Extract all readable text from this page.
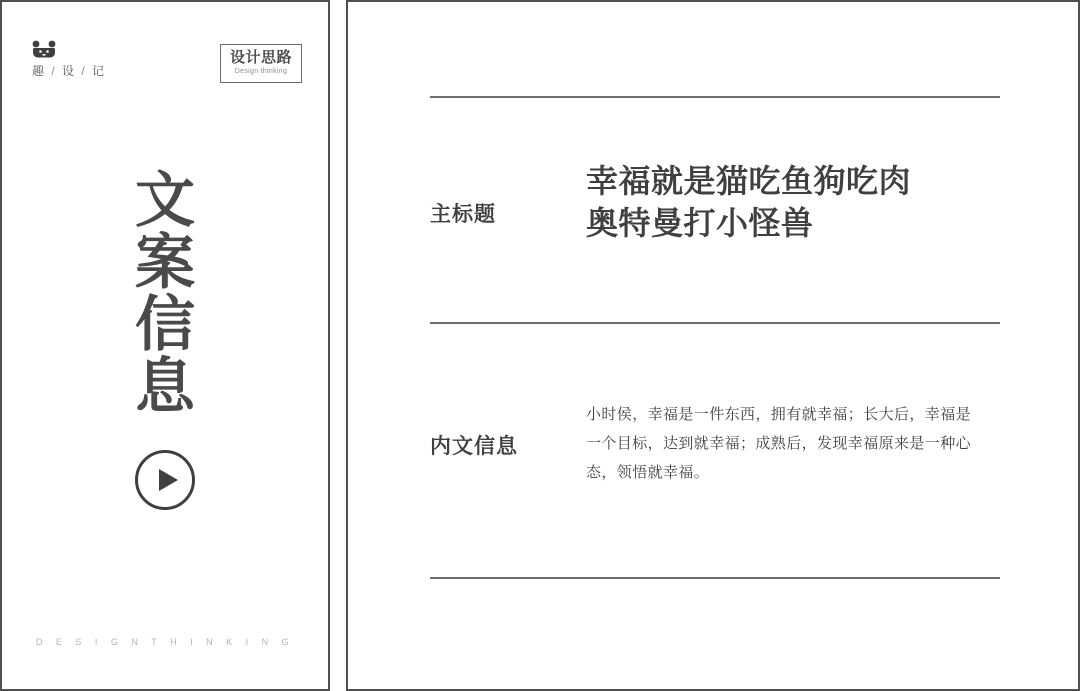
趣 / 设 / 记
设计思路
Design thinking
文
案
信
息
D E S I G N T H I N K I N G
主标题
幸福就是猫吃鱼狗吃肉
奥特曼打小怪兽
内文信息
小时侯，幸福是一件东西，拥有就幸福；长大后，幸福是一个目标，达到就幸福；成熟后，发现幸福原来是一种心态，领悟就幸福。
